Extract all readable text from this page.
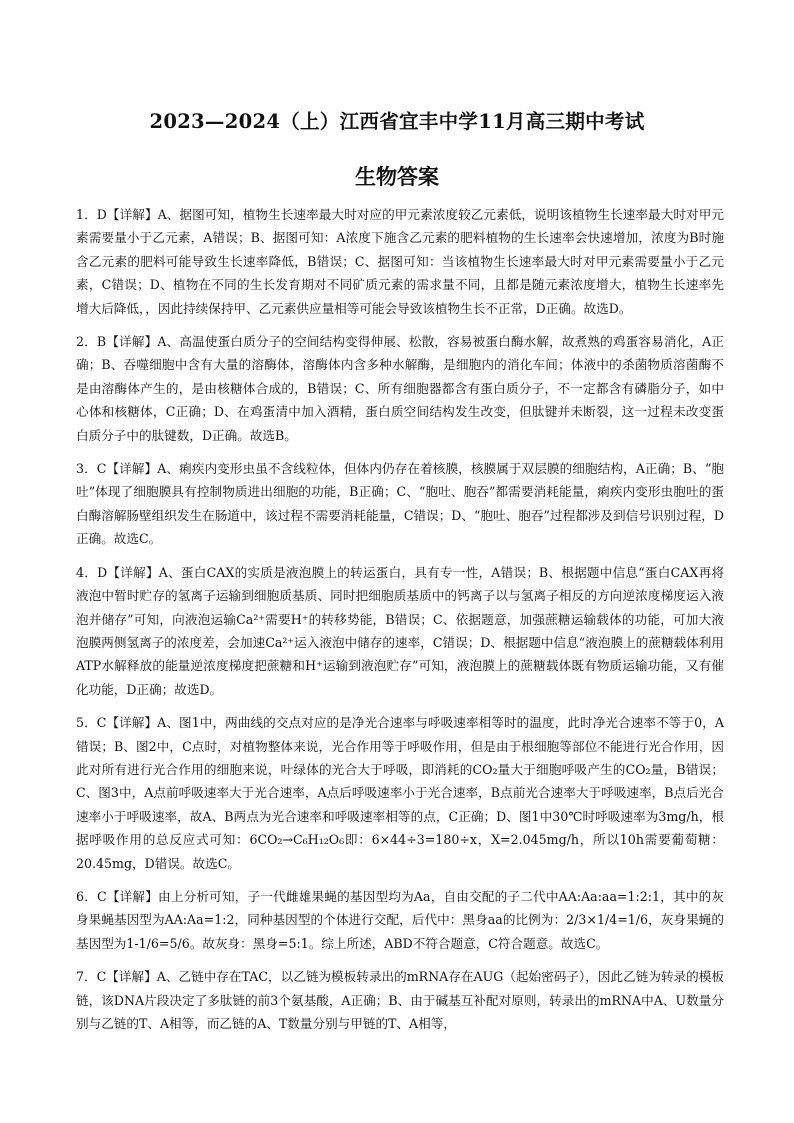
2023—2024（上）江西省宜丰中学11月高三期中考试
生物答案

1．D【详解】A、据图可知，植物生长速率最大时对应的甲元素浓度较乙元素低，说明该植物生长速率最大时对甲元素需要量小于乙元素，A错误；B、据图可知：A浓度下施含乙元素的肥料植物的生长速率会快速增加，浓度为B时施含乙元素的肥料可能导致生长速率降低，B错误；C、据图可知：当该植物生长速率最大时对甲元素需要量小于乙元素，C错误；D、植物在不同的生长发育期对不同矿质元素的需求量不同，且都是随元素浓度增大，植物生长速率先增大后降低，，因此持续保持甲、乙元素供应量相等可能会导致该植物生长不正常，D正确。故选D。

2．B【详解】A、高温使蛋白质分子的空间结构变得伸展、松散，容易被蛋白酶水解，故煮熟的鸡蛋容易消化，A正确；B、吞噬细胞中含有大量的溶酶体，溶酶体内含多种水解酶，是细胞内的消化车间；体液中的杀菌物质溶菌酶不是由溶酶体产生的，是由核糖体合成的，B错误；C、所有细胞器都含有蛋白质分子，不一定都含有磷脂分子，如中心体和核糖体，C正确；D、在鸡蛋清中加入酒精，蛋白质空间结构发生改变，但肽键并未断裂，这一过程未改变蛋白质分子中的肽键数，D正确。故选B。

3．C【详解】A、痢疾内变形虫虽不含线粒体，但体内仍存在着核膜，核膜属于双层膜的细胞结构，A正确；B、“胞吐”体现了细胞膜具有控制物质进出细胞的功能，B正确；C、“胞吐、胞吞”都需要消耗能量，痢疾内变形虫胞吐的蛋白酶溶解肠壁组织发生在肠道中，该过程不需要消耗能量，C错误；D、“胞吐、胞吞”过程都涉及到信号识别过程，D正确。故选C。

4．D【详解】A、蛋白CAX的实质是液泡膜上的转运蛋白，具有专一性，A错误；B、根据题中信息“蛋白CAX再将液泡中暂时贮存的氢离子运输到细胞质基质、同时把细胞质基质中的钙离子以与氢离子相反的方向逆浓度梯度运入液泡并储存”可知，向液泡运输Ca²⁺需要H⁺的转移势能，B错误；C、依据题意，加强蔗糖运输载体的功能，可加大液泡膜两侧氢离子的浓度差，会加速Ca²⁺运入液泡中储存的速率，C错误；D、根据题中信息“液泡膜上的蔗糖载体利用ATP水解释放的能量逆浓度梯度把蔗糖和H⁺运输到液泡贮存”可知，液泡膜上的蔗糖载体既有物质运输功能，又有催化功能，D正确；故选D。

5．C【详解】A、图1中，两曲线的交点对应的是净光合速率与呼吸速率相等时的温度，此时净光合速率不等于0，A错误；B、图2中，C点时，对植物整体来说，光合作用等于呼吸作用，但是由于根细胞等部位不能进行光合作用，因此对所有进行光合作用的细胞来说，叶绿体的光合大于呼吸，即消耗的CO₂量大于细胞呼吸产生的CO₂量，B错误；C、图3中，A点前呼吸速率大于光合速率，A点后呼吸速率小于光合速率，B点前光合速率大于呼吸速率，B点后光合速率小于呼吸速率，故A、B两点为光合速率和呼吸速率相等的点，C正确；D、图1中30℃时呼吸速率为3mg/h，根据呼吸作用的总反应式可知：6CO₂→C₆H₁₂O₆即：6×44÷3=180÷x，X=2.045mg/h，所以10h需要葡萄糖：20.45mg，D错误。故选C。

6．C【详解】由上分析可知，子一代雌雄果蝇的基因型均为Aa，自由交配的子二代中AA:Aa:aa=1:2:1，其中的灰身果蝇基因型为AA:Aa=1:2，同种基因型的个体进行交配，后代中：黑身aa的比例为：2/3×1/4=1/6，灰身果蝇的基因型为1-1/6=5/6。故灰身：黑身=5:1。综上所述，ABD不符合题意，C符合题意。故选C。

7．C【详解】A、乙链中存在TAC，以乙链为模板转录出的mRNA存在AUG（起始密码子），因此乙链为转录的模板链，该DNA片段决定了多肽链的前3个氨基酸，A正确；B、由于碱基互补配对原则，转录出的mRNA中A、U数量分别与乙链的T、A相等，而乙链的A、T数量分别与甲链的T、A相等，
